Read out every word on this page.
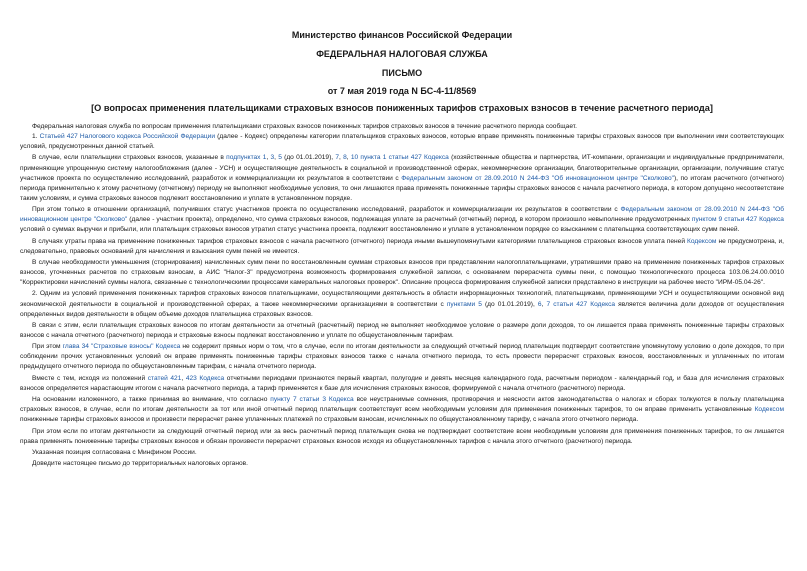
Министерство финансов Российской Федерации
ФЕДЕРАЛЬНАЯ НАЛОГОВАЯ СЛУЖБА
ПИСЬМО
от 7 мая 2019 года N БС-4-11/8569
[О вопросах применения плательщиками страховых взносов пониженных тарифов страховых взносов в течение расчетного периода]

Федеральная налоговая служба по вопросам применения плательщиками страховых взносов пониженных тарифов страховых взносов в течение расчетного периода сообщает.

1. Статьей 427 Налогового кодекса Российской Федерации (далее - Кодекс) определены категории плательщиков страховых взносов, которые вправе применять пониженные тарифы страховых взносов при выполнении ими соответствующих условий, предусмотренных данной статьей.

В случае, если плательщики страховых взносов, указанные в подпунктах 1, 3, 5 (до 01.01.2019), 7, 8, 10 пункта 1 статьи 427 Кодекса (хозяйственные общества и партнерства, ИТ-компании, организации и индивидуальные предприниматели, применяющие упрощенную систему налогообложения (далее - УСН) и осуществляющие деятельность в социальной и производственной сферах, некоммерческие организации, благотворительные организации, организации, получившие статус участников проекта по осуществлению исследований, разработок и коммерциализации их результатов в соответствии с Федеральным законом от 28.09.2010 N 244-ФЗ "Об инновационном центре "Сколково"), по итогам расчетного (отчетного) периода применительно к этому расчетному (отчетному) периоду не выполняют необходимые условия, то они лишаются права применять пониженные тарифы страховых взносов с начала расчетного периода, в котором допущено несоответствие таким условиям, и сумма страховых взносов подлежит восстановлению и уплате в установленном порядке.

При этом только в отношении организаций, получивших статус участников проекта по осуществлению исследований, разработок и коммерциализации их результатов в соответствии с Федеральным законом от 28.09.2010 N 244-ФЗ "Об инновационном центре "Сколково" (далее - участник проекта), определено, что сумма страховых взносов, подлежащая уплате за расчетный (отчетный) период, в котором произошло невыполнение предусмотренных пунктом 9 статьи 427 Кодекса условий о суммах выручки и прибыли, или плательщик страховых взносов утратил статус участника проекта, подлежит восстановлению и уплате в установленном порядке со взысканием с плательщика соответствующих сумм пеней.

В случаях утраты права на применение пониженных тарифов страховых взносов с начала расчетного (отчетного) периода иными вышеупомянутыми категориями плательщиков страховых взносов уплата пеней Кодексом не предусмотрена, и, следовательно, правовых оснований для начисления и взыскания сумм пеней не имеется.

В случае необходимости уменьшения (сторнирования) начисленных сумм пени по восстановленным суммам страховых взносов при представлении налогоплательщиками, утратившими право на применение пониженных тарифов страховых взносов, уточненных расчетов по страховым взносам, в АИС "Налог-3" предусмотрена возможность формирования служебной записки, с основанием перерасчета суммы пени, с помощью технологического процесса 103.06.24.00.0010 "Корректировки начислений суммы налога, связанные с технологическими процессами камеральных налоговых проверок". Описание процесса формирования служебной записки представлено в инструкции на рабочее место "ИРМ-05.04-26".

2. Одним из условий применения пониженных тарифов страховых взносов плательщиками, осуществляющими деятельность в области информационных технологий, плательщиками, применяющими УСН и осуществляющими основной вид экономической деятельности в социальной и производственной сферах, а также некоммерческими организациями в соответствии с пунктами 5 (до 01.01.2019), 6, 7 статьи 427 Кодекса является величина доли доходов от осуществления определенных видов деятельности в общем объеме доходов плательщика страховых взносов.

В связи с этим, если плательщик страховых взносов по итогам деятельности за отчетный (расчетный) период не выполняет необходимое условие о размере доли доходов, то он лишается права применять пониженные тарифы страховых взносов с начала отчетного (расчетного) периода и страховые взносы подлежат восстановлению и уплате по общеустановленным тарифам.

При этом глава 34 "Страховые взносы" Кодекса не содержит прямых норм о том, что в случае, если по итогам деятельности за следующий отчетный период плательщик подтвердит соответствие упомянутому условию о доле доходов, то при соблюдении прочих установленных условий он вправе применять пониженные тарифы страховых взносов также с начала отчетного периода, то есть провести перерасчет страховых взносов, восстановленных и уплаченных по итогам предыдущего отчетного периода по общеустановленным тарифам, с начала отчетного периода.

Вместе с тем, исходя из положений статей 421, 423 Кодекса отчетными периодами признаются первый квартал, полугодие и девять месяцев календарного года, расчетным периодом - календарный год, и база для исчисления страховых взносов определяется нарастающим итогом с начала расчетного периода, а тариф применяется к базе для исчисления страховых взносов, формируемой с начала отчетного (расчетного) периода.

На основании изложенного, а также принимая во внимание, что согласно пункту 7 статьи 3 Кодекса все неустранимые сомнения, противоречия и неясности актов законодательства о налогах и сборах толкуются в пользу плательщика страховых взносов, в случае, если по итогам деятельности за тот или иной отчетный период плательщик соответствует всем необходимым условиям для применения пониженных тарифов, то он вправе применить установленные Кодексом пониженные тарифы страховых взносов и произвести перерасчет ранее уплаченных платежей по страховым взносам, исчисленных по общеустановленному тарифу, с начала этого отчетного периода.

При этом если по итогам деятельности за следующий отчетный период или за весь расчетный период плательщик снова не подтверждает соответствие всем необходимым условиям для применения пониженных тарифов, то он лишается права применять пониженные тарифы страховых взносов и обязан произвести перерасчет страховых взносов исходя из общеустановленных тарифов с начала этого отчетного (расчетного) периода.

Указанная позиция согласована с Минфином России.

Доведите настоящее письмо до территориальных налоговых органов.
